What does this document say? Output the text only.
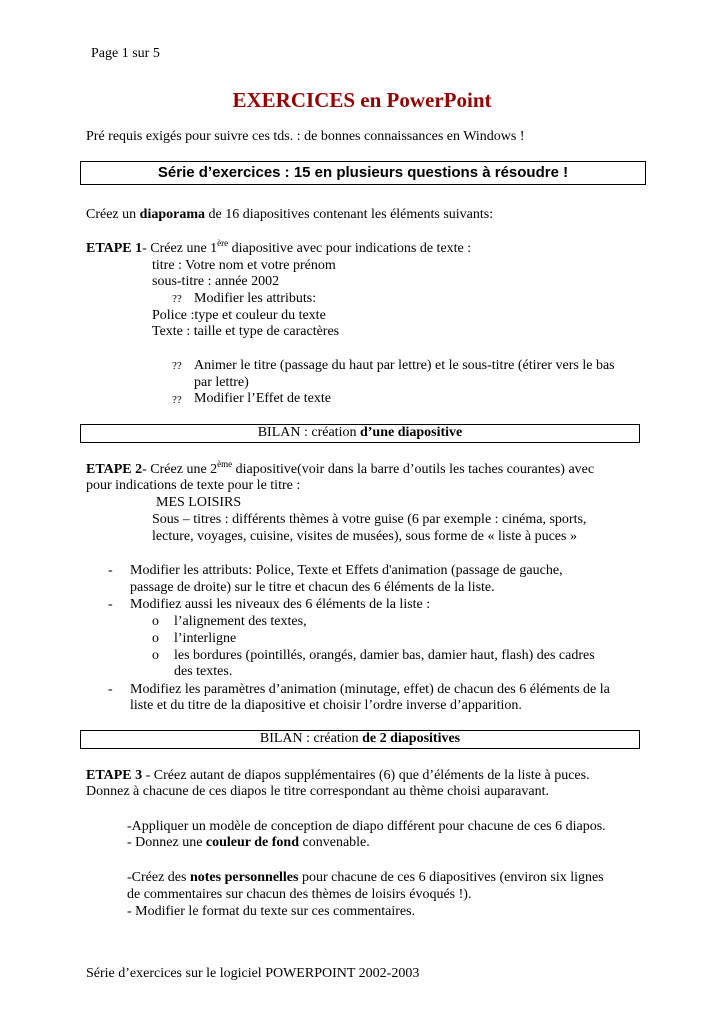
Page 1 sur 5
EXERCICES en PowerPoint
Pré requis exigés pour suivre ces tds. : de bonnes connaissances en Windows !
Série d’exercices : 15 en plusieurs questions à résoudre !
Créez un diaporama de 16 diapositives contenant les éléments suivants:
ETAPE 1- Créez une 1ère diapositive avec pour indications de texte :
titre : Votre nom et votre prénom
sous-titre : année 2002
?? Modifier les attributs:
Police :type et couleur du texte
Texte : taille et type de caractères
?? Animer le titre (passage du haut par lettre) et le sous-titre (étirer vers le bas
par lettre)
?? Modifier l’Effet de texte
BILAN : création d’une diapositive
ETAPE 2- Créez une 2ème diapositive(voir dans la barre d’outils les taches courantes) avec
pour indications de texte pour le titre :
MES LOISIRS
Sous – titres : différents thèmes à votre guise (6 par exemple : cinéma, sports,
lecture, voyages, cuisine, visites de musées), sous forme de « liste à puces »
- Modifier les attributs: Police, Texte et Effets d'animation (passage de gauche,
passage de droite) sur le titre et chacun des 6 éléments de la liste.
- Modifiez aussi les niveaux des 6 éléments de la liste :
o l’alignement des textes,
o l’interligne
o les bordures (pointillés, orangés, damier bas, damier haut, flash) des cadres
des textes.
- Modifiez les paramètres d’animation (minutage, effet) de chacun des 6 éléments de la
liste et du titre de la diapositive et choisir l’ordre inverse d’apparition.
BILAN : création de 2 diapositives
ETAPE 3 - Créez autant de diapos supplémentaires (6) que d’éléments de la liste à puces.
Donnez à chacune de ces diapos le titre correspondant au thème choisi auparavant.
-Appliquer un modèle de conception de diapo différent pour chacune de ces 6 diapos.
- Donnez une couleur de fond convenable.
-Créez des notes personnelles pour chacune de ces 6 diapositives (environ six lignes
de commentaires sur chacun des thèmes de loisirs évoqués !).
- Modifier le format du texte sur ces commentaires.
Série d’exercices sur le logiciel POWERPOINT 2002-2003
